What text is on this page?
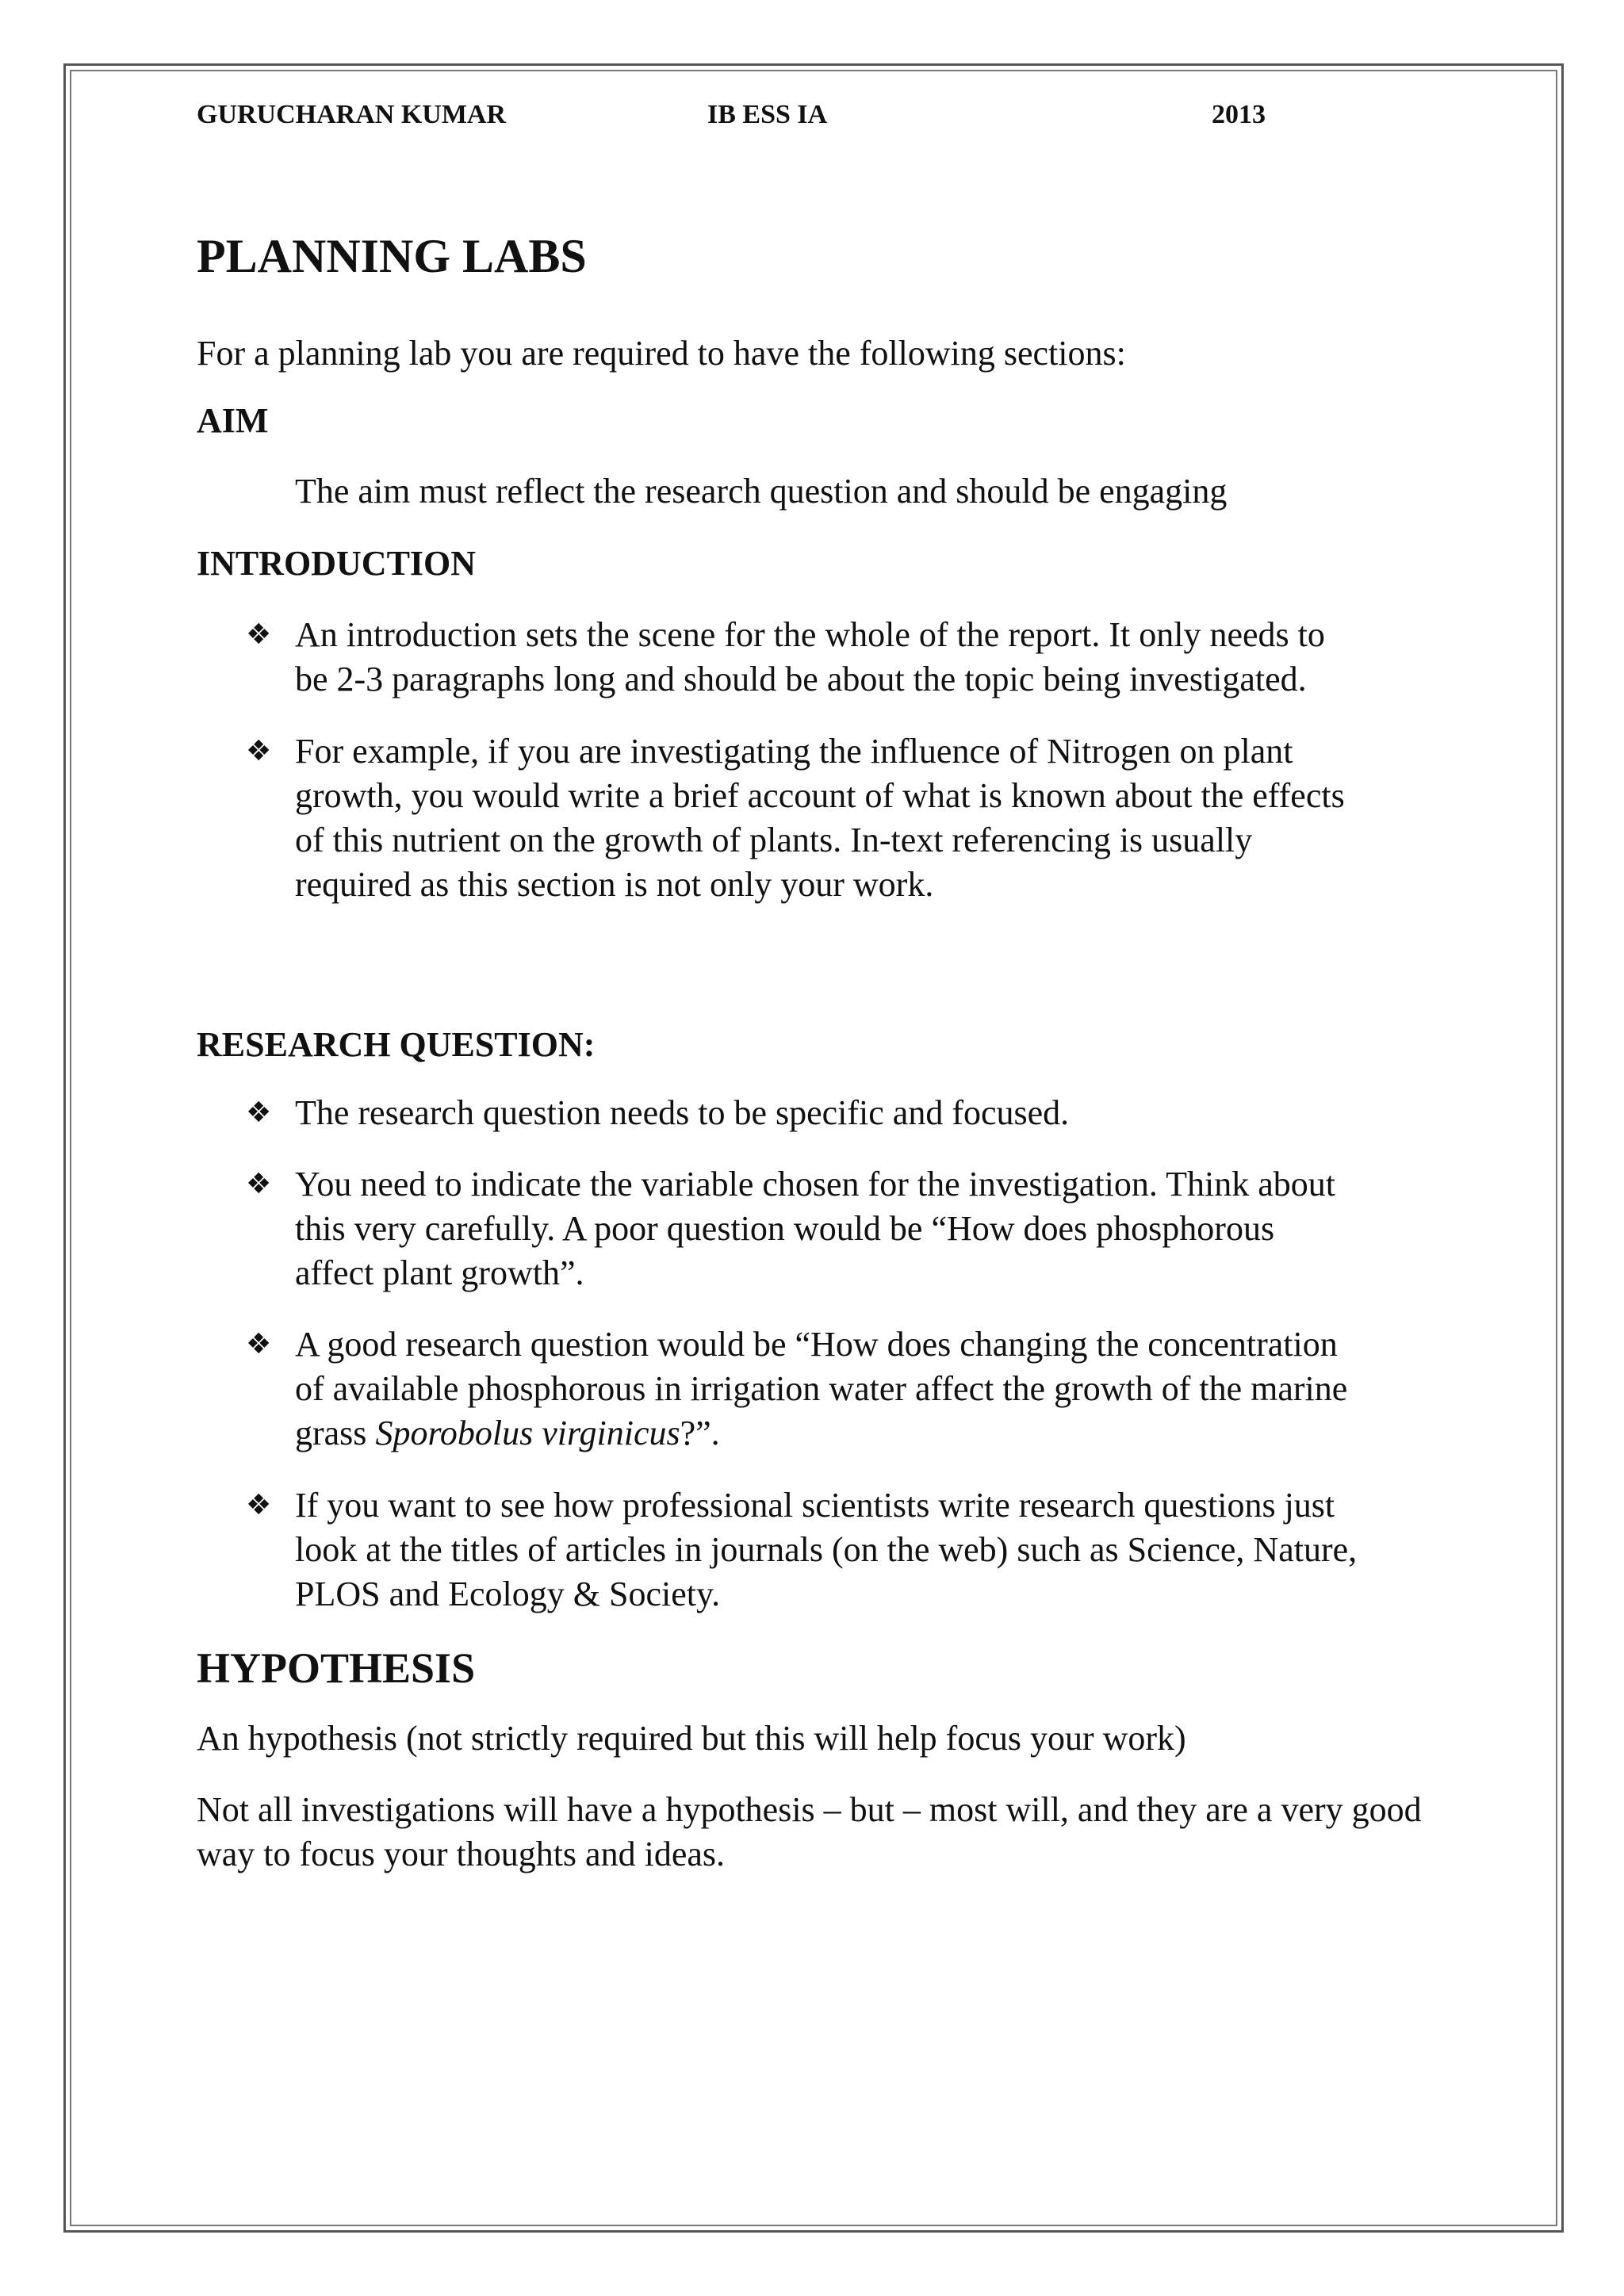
GURUCHARAN KUMAR	IB ESS IA	2013
PLANNING LABS

For a planning lab you are required to have the following sections:

AIM

The aim must reflect the research question and should be engaging

INTRODUCTION
❖ An introduction sets the scene for the whole of the report. It only needs to
be 2-3 paragraphs long and should be about the topic being investigated.
❖ For example, if you are investigating the influence of Nitrogen on plant
growth, you would write a brief account of what is known about the effects
of this nutrient on the growth of plants. In-text referencing is usually
required as this section is not only your work.
RESEARCH QUESTION:
❖ The research question needs to be specific and focused.
❖ You need to indicate the variable chosen for the investigation. Think about
this very carefully. A poor question would be “How does phosphorous
affect plant growth”.
❖ A good research question would be “How does changing the concentration
of available phosphorous in irrigation water affect the growth of the marine
grass Sporobolus virginicus?”.
❖ If you want to see how professional scientists write research questions just
look at the titles of articles in journals (on the web) such as Science, Nature,
PLOS and Ecology & Society.
HYPOTHESIS

An hypothesis (not strictly required but this will help focus your work)

Not all investigations will have a hypothesis – but – most will, and they are a very good way to focus your thoughts and ideas.
